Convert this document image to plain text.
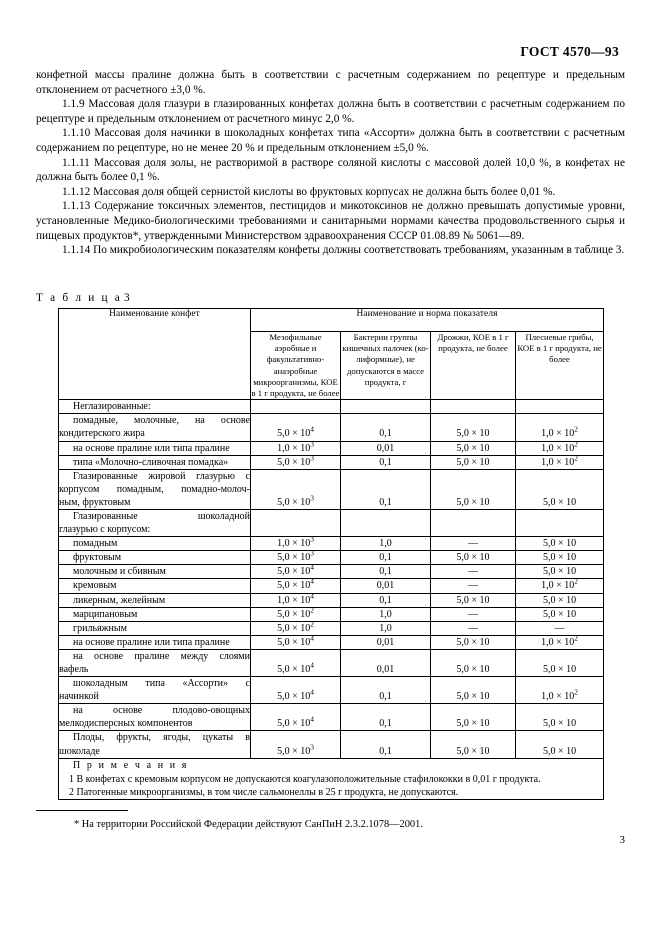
ГОСТ 4570—93

конфетной массы пралине должна быть в соответствии с расчетным содержанием по рецептуре и предельным отклонением от расчетного ±3,0 %.

1.1.9 Массовая доля глазури в глазированных конфетах должна быть в соответствии с расчетным содержанием по рецептуре и предельным отклонением от расчетного минус 2,0 %.

1.1.10 Массовая доля начинки в шоколадных конфетах типа «Ассорти» должна быть в соответствии с расчетным содержанием по рецептуре, но не менее 20 % и предельным отклонением ±5,0 %.

1.1.11 Массовая доля золы, не растворимой в растворе соляной кислоты с массовой долей 10,0 %, в конфетах не должна быть более 0,1 %.

1.1.12 Массовая доля общей сернистой кислоты во фруктовых корпусах не должна быть более 0,01 %.

1.1.13 Содержание токсичных элементов, пестицидов и микотоксинов не должно превышать допустимые уровни, установленные Медико-биологическими требованиями и санитарными нормами качества продовольственного сырья и пищевых продуктов*, утвержденными Министерством здравоохранения СССР 01.08.89 № 5061—89.

1.1.14 По микробиологическим показателям конфеты должны соответствовать требованиям, указанным в таблице 3.

Т а б л и ц а 3
Наименование конфет	Наименование и норма показателя			
	Мезофильные аэробные и факультативно-анаэробные микроорганизмы, КОЕ в 1 г продукта, не более	Бактерии группы кишечных палочек (ко-лиформные), не допускаются в массе продукта, г	Дрожжи, КОЕ в 1 г продукта, не более	Плесневые грибы, КОЕ в 1 г продукта, не более

Неглазированные:				

помадные, молочные, на основе
кондитерского жира	$5,0 \times 10^4$	0,1	5,0 × 10	$1,0 \times 10^2$

на основе пралине или типа пралине	$1,0 \times 10^3$	0,01	5,0 × 10	$1,0 \times 10^2$

типа «Молочно-сливочная помадка»	$5,0 \times 10^3$	0,1	5,0 × 10	$1,0 \times 10^2$

Глазированные жировой глазурью с
корпусом помадным, помадно-молоч-
ным, фруктовым	$5,0 \times 10^3$	0,1	5,0 × 10	5,0 × 10

Глазированные шоколадной
глазурью с корпусом:				

помадным	$1,0 \times 10^3$	1,0	—	5,0 × 10

фруктовым	$5,0 \times 10^3$	0,1	5,0 × 10	5,0 × 10

молочным и сбивным	$5,0 \times 10^4$	0,1	—	5,0 × 10

кремовым	$5,0 \times 10^4$	0,01	—	$1,0 \times 10^2$

ликерным, желейным	$1,0 \times 10^4$	0,1	5,0 × 10	5,0 × 10

марципановым	$5,0 \times 10^2$	1,0	—	5,0 × 10

грильяжным	$5,0 \times 10^2$	1,0	—	—

на основе пралине или типа пралине	$5,0 \times 10^4$	0,01	5,0 × 10	$1,0 \times 10^2$

на основе пралине между слоями
вафель	$5,0 \times 10^4$	0,01	5,0 × 10	5,0 × 10

шоколадным типа «Ассорти» с
начинкой	$5,0 \times 10^4$	0,1	5,0 × 10	$1,0 \times 10^2$

на основе плодово-овощных
мелкодисперсных компонентов	$5,0 \times 10^4$	0,1	5,0 × 10	5,0 × 10

Плоды, фрукты, ягоды, цукаты в
шоколаде	$5,0 \times 10^3$	0,1	5,0 × 10	5,0 × 10

П р и м е ч а н и я
1 В конфетах с кремовым корпусом не допускаются коагулазоположительные стафилококки в 0,01 г продукта.
2 Патогенные микроорганизмы, в том числе сальмонеллы в 25 г продукта, не допускаются.				
* На территории Российской Федерации действуют СанПиН 2.3.2.1078—2001.
3
